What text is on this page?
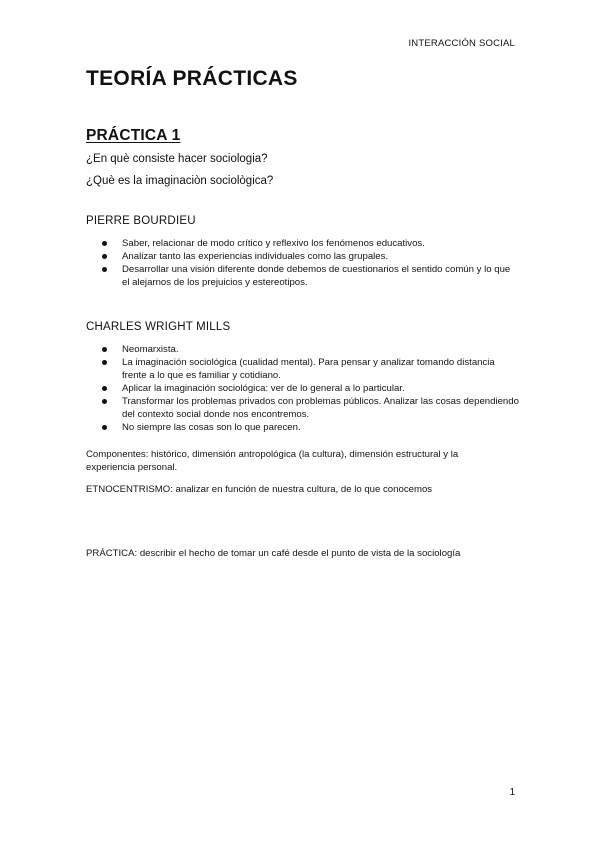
INTERACCIÓN SOCIAL
TEORÍA PRÁCTICAS
PRÁCTICA 1
¿En què consiste hacer sociologia?
¿Què es la imaginaciòn sociològica?
PIERRE BOURDIEU
Saber, relacionar de modo crítico y reflexivo los fenómenos educativos.
Analizar tanto las experiencias individuales como las grupales.
Desarrollar una visión diferente donde debemos de cuestionarios el sentido común y lo que el alejarnos de los prejuicios y estereotipos.
CHARLES WRIGHT MILLS
Neomarxista.
La imaginación sociológica (cualidad mental). Para pensar y analizar tomando distancia frente a lo que es familiar y cotidiano.
Aplicar la imaginación sociológica: ver de lo general a lo particular.
Transformar los problemas privados con problemas públicos. Analizar las cosas dependiendo del contexto social donde nos encontremos.
No siempre las cosas son lo que parecen.
Componentes: histórico, dimensión antropológica (la cultura), dimensión estructural y la experiencia personal.
ETNOCENTRISMO: analizar en función de nuestra cultura, de lo que conocemos
PRÁCTICA: describir el hecho de tomar un café desde el punto de vista de la sociología
1
